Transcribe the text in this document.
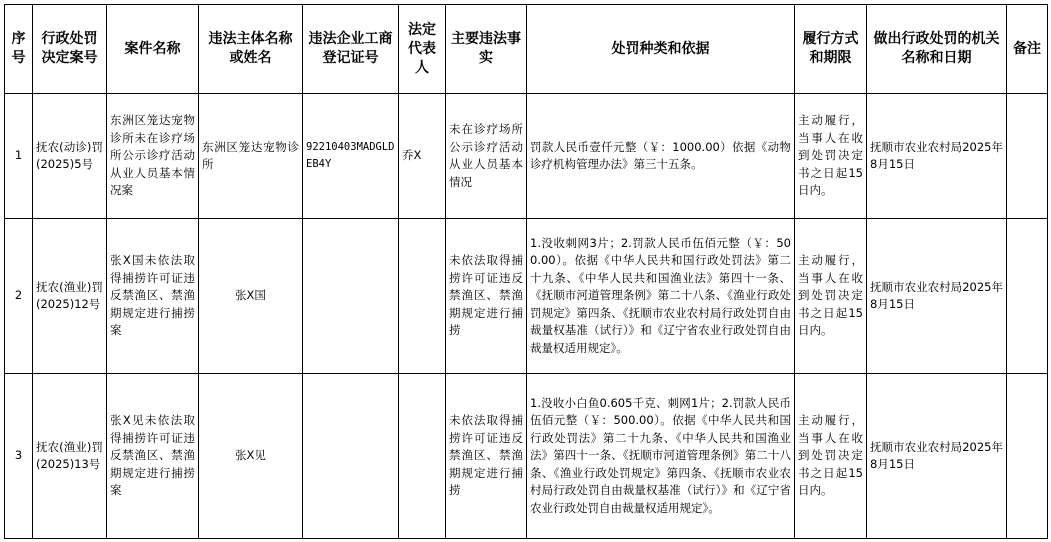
序号	行政处罚决定案号	案件名称	违法主体名称或姓名	违法企业工商登记证号	法定代表人	主要违法事实	处罚种类和依据	履行方式和期限	做出行政处罚的机关名称和日期	备注
1	抚农(动诊)罚(2025)5号	东洲区笼达宠物诊所未在诊疗场所公示诊疗活动从业人员基本情况案	东洲区笼达宠物诊所	92210403MADGLDEB4Y	乔X	未在诊疗场所公示诊疗活动从业人员基本情况	罚款人民币壹仟元整（￥：1000.00）依据《动物诊疗机构管理办法》第三十五条。	主动履行，当事人在收到处罚决定书之日起15日内。	抚顺市农业农村局2025年8月15日	
2	抚农(渔业)罚(2025)12号	张X国未依法取得捕捞许可证违反禁渔区、禁渔期规定进行捕捞案	张X国			未依法取得捕捞许可证违反禁渔区、禁渔期规定进行捕捞	1.没收刺网3片；2.罚款人民币伍佰元整（￥：500.00）。依据《中华人民共和国行政处罚法》第二十九条、《中华人民共和国渔业法》第四十一条、《抚顺市河道管理条例》第二十八条、《渔业行政处罚规定》第四条、《抚顺市农业农村局行政处罚自由裁量权基准（试行）》和《辽宁省农业行政处罚自由裁量权适用规定》。	主动履行，当事人在收到处罚决定书之日起15日内。	抚顺市农业农村局2025年8月15日	
3	抚农(渔业)罚(2025)13号	张X见未依法取得捕捞许可证违反禁渔区、禁渔期规定进行捕捞案	张X见			未依法取得捕捞许可证违反禁渔区、禁渔期规定进行捕捞	1.没收小白鱼0.605千克、刺网1片；2.罚款人民币伍佰元整（￥：500.00）。依据《中华人民共和国行政处罚法》第二十九条、《中华人民共和国渔业法》第四十一条、《抚顺市河道管理条例》第二十八条、《渔业行政处罚规定》第四条、《抚顺市农业农村局行政处罚自由裁量权基准（试行）》和《辽宁省农业行政处罚自由裁量权适用规定》。	主动履行，当事人在收到处罚决定书之日起15日内。	抚顺市农业农村局2025年8月15日	
